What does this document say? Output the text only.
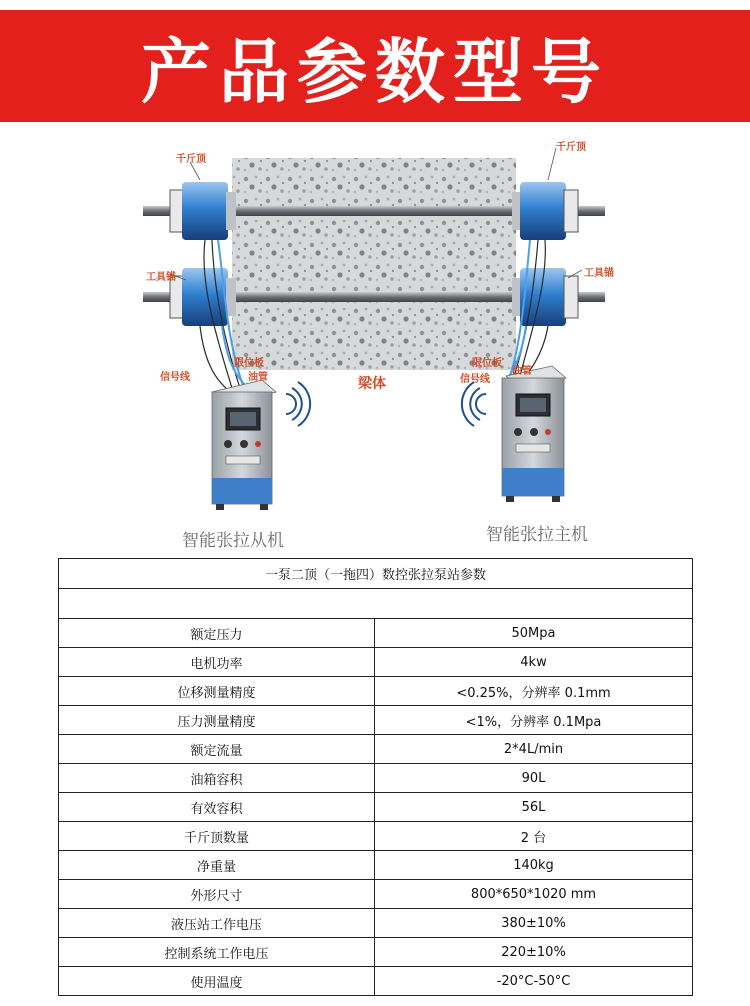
产品参数型号
千斤顶
千斤顶
工具锚	工具锚
信号线	信号线
限位板	限位板
油管
油管
梁体
智能张拉从机	智能张拉主机
一泵二顶（一拖四）数控张拉泵站参数	

额定压力	50Mpa
电机功率	4kw
位移测量精度	<0.25%，分辨率 0.1mm
压力测量精度	<1%，分辨率 0.1Mpa
额定流量	2*4L/min
油箱容积	90L
有效容积	56L
千斤顶数量	2 台
净重量	140kg
外形尺寸	800*650*1020 mm
液压站工作电压	380±10%
控制系统工作电压	220±10%
使用温度	-20°C-50°C
